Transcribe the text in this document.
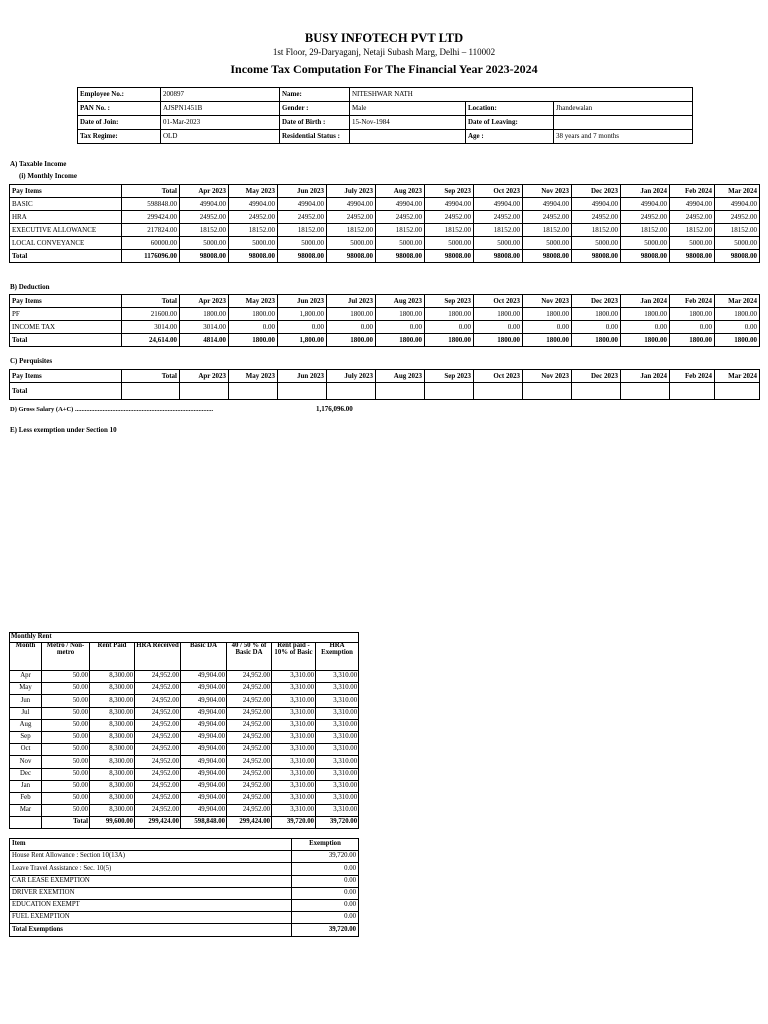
BUSY INFOTECH PVT LTD
1st Floor, 29-Daryaganj, Netaji Subash Marg, Delhi – 110002
Income Tax Computation For The Financial Year 2023-2024
Employee No.:	200897	Name:	NITESHWAR NATH		
PAN No. :	AJSPN1451B	Gender :	Male	Location:	Jhandewalan
Date of Join:	01-Mar-2023	Date of Birth :	15-Nov-1984	Date of Leaving:	
Tax Regime:	OLD	Residential Status :		Age :	38 years and 7 months
A) Taxable Income
(i) Monthly Income
Pay Items	Total	Apr 2023	May 2023	Jun 2023	July 2023	Aug 2023	Sep 2023	Oct 2023	Nov 2023	Dec 2023	Jan 2024	Feb 2024	Mar 2024
BASIC	598848.00	49904.00	49904.00	49904.00	49904.00	49904.00	49904.00	49904.00	49904.00	49904.00	49904.00	49904.00	49904.00
HRA	299424.00	24952.00	24952.00	24952.00	24952.00	24952.00	24952.00	24952.00	24952.00	24952.00	24952.00	24952.00	24952.00
EXECUTIVE ALLOWANCE	217824.00	18152.00	18152.00	18152.00	18152.00	18152.00	18152.00	18152.00	18152.00	18152.00	18152.00	18152.00	18152.00
LOCAL CONVEYANCE	60000.00	5000.00	5000.00	5000.00	5000.00	5000.00	5000.00	5000.00	5000.00	5000.00	5000.00	5000.00	5000.00
Total	1176096.00	98008.00	98008.00	98008.00	98008.00	98008.00	98008.00	98008.00	98008.00	98008.00	98008.00	98008.00	98008.00
B) Deduction
Pay Items	Total	Apr 2023	May 2023	Jun 2023	Jul 2023	Aug 2023	Sep 2023	Oct 2023	Nov 2023	Dec 2023	Jan 2024	Feb 2024	Mar 2024
PF	21600.00	1800.00	1800.00	1,800.00	1800.00	1800.00	1800.00	1800.00	1800.00	1800.00	1800.00	1800.00	1800.00
INCOME TAX	3014.00	3014.00	0.00	0.00	0.00	0.00	0.00	0.00	0.00	0.00	0.00	0.00	0.00
Total	24,614.00	4814.00	1800.00	1,800.00	1800.00	1800.00	1800.00	1800.00	1800.00	1800.00	1800.00	1800.00	1800.00
C) Perquisites
Pay Items	Total	Apr 2023	May 2023	Jun 2023	July 2023	Aug 2023	Sep 2023	Oct 2023	Nov 2023	Dec 2023	Jan 2024	Feb 2024	Mar 2024
Total													
D) Gross Salary (A+C) .....................................................................................	1,176,096.00
E) Less exemption under Section 10
Monthly Rent							
Month	Metro / Non-metro	Rent Paid	HRA Received	Basic DA	40 / 50 % of Basic DA	Rent paid - 10% of Basic	HRA Exemption
Apr	50.00	8,300.00	24,952.00	49,904.00	24,952.00	3,310.00	3,310.00
May	50.00	8,300.00	24,952.00	49,904.00	24,952.00	3,310.00	3,310.00
Jun	50.00	8,300.00	24,952.00	49,904.00	24,952.00	3,310.00	3,310.00
Jul	50.00	8,300.00	24,952.00	49,904.00	24,952.00	3,310.00	3,310.00
Aug	50.00	8,300.00	24,952.00	49,904.00	24,952.00	3,310.00	3,310.00
Sep	50.00	8,300.00	24,952.00	49,904.00	24,952.00	3,310.00	3,310.00
Oct	50.00	8,300.00	24,952.00	49,904.00	24,952.00	3,310.00	3,310.00
Nov	50.00	8,300.00	24,952.00	49,904.00	24,952.00	3,310.00	3,310.00
Dec	50.00	8,300.00	24,952.00	49,904.00	24,952.00	3,310.00	3,310.00
Jan	50.00	8,300.00	24,952.00	49,904.00	24,952.00	3,310.00	3,310.00
Feb	50.00	8,300.00	24,952.00	49,904.00	24,952.00	3,310.00	3,310.00
Mar	50.00	8,300.00	24,952.00	49,904.00	24,952.00	3,310.00	3,310.00
	Total	99,600.00	299,424.00	598,848.00	299,424.00	39,720.00	39,720.00
Item	Exemption
House Rent Allowance : Section 10(13A)	39,720.00
Leave Travel Assistance : Sec. 10(5)	0.00
CAR LEASE EXEMPTION	0.00
DRIVER EXEMTION	0.00
EDUCATION EXEMPT	0.00
FUEL EXEMPTION	0.00
Total Exemptions	39,720.00
